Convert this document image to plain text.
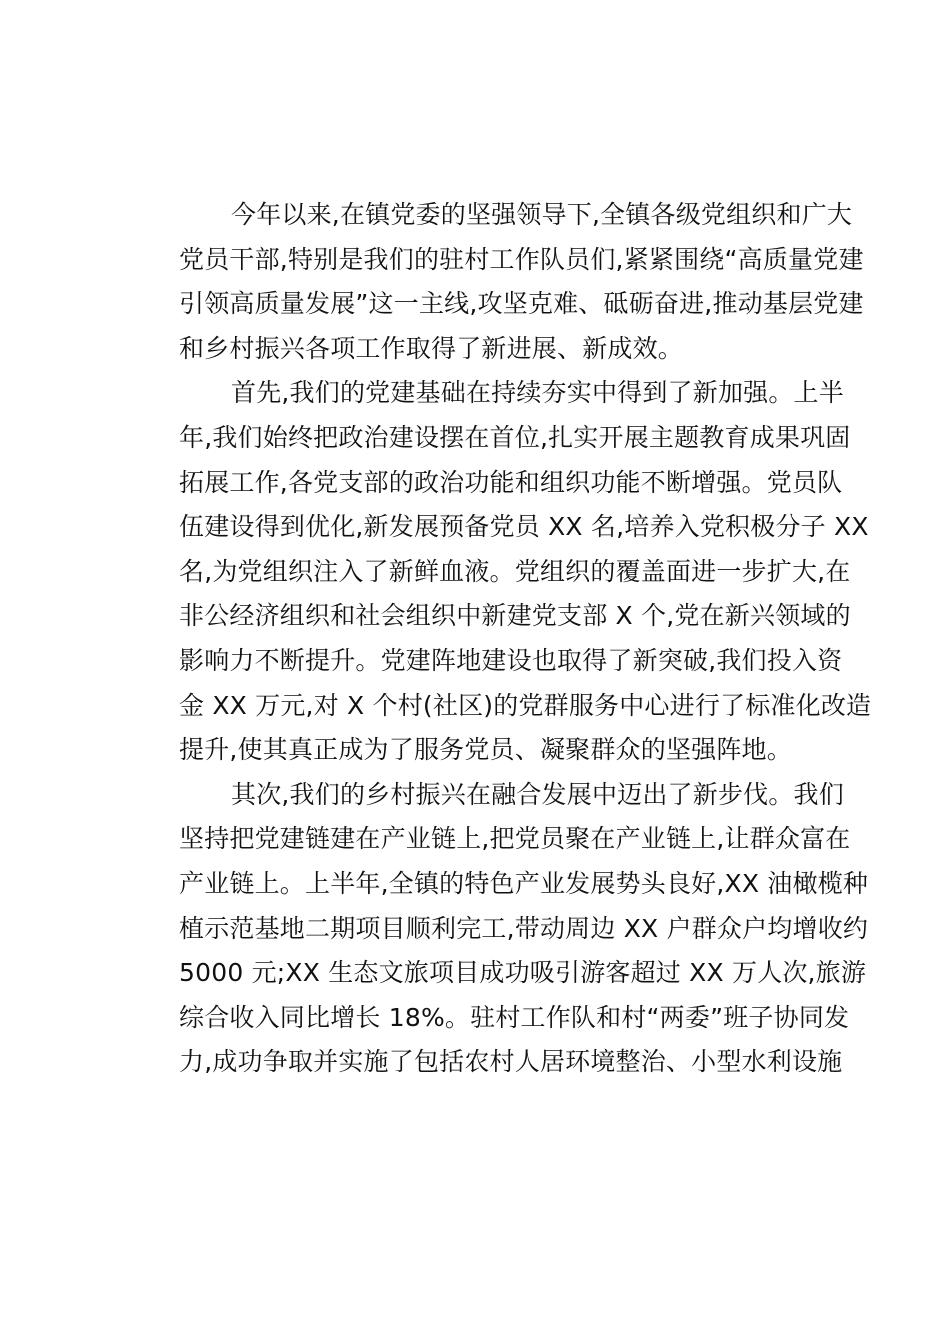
今年以来,在镇党委的坚强领导下,全镇各级党组织和广大
党员干部,特别是我们的驻村工作队员们,紧紧围绕“高质量党建
引领高质量发展”这一主线,攻坚克难、砥砺奋进,推动基层党建
和乡村振兴各项工作取得了新进展、新成效。
首先,我们的党建基础在持续夯实中得到了新加强。上半
年,我们始终把政治建设摆在首位,扎实开展主题教育成果巩固
拓展工作,各党支部的政治功能和组织功能不断增强。党员队
伍建设得到优化,新发展预备党员 XX 名,培养入党积极分子 XX
名,为党组织注入了新鲜血液。党组织的覆盖面进一步扩大,在
非公经济组织和社会组织中新建党支部 X 个,党在新兴领域的
影响力不断提升。党建阵地建设也取得了新突破,我们投入资
金 XX 万元,对 X 个村(社区)的党群服务中心进行了标准化改造
提升,使其真正成为了服务党员、凝聚群众的坚强阵地。
其次,我们的乡村振兴在融合发展中迈出了新步伐。我们
坚持把党建链建在产业链上,把党员聚在产业链上,让群众富在
产业链上。上半年,全镇的特色产业发展势头良好,XX 油橄榄种
植示范基地二期项目顺利完工,带动周边 XX 户群众户均增收约
5000 元;XX 生态文旅项目成功吸引游客超过 XX 万人次,旅游
综合收入同比增长 18%。驻村工作队和村“两委”班子协同发
力,成功争取并实施了包括农村人居环境整治、小型水利设施
